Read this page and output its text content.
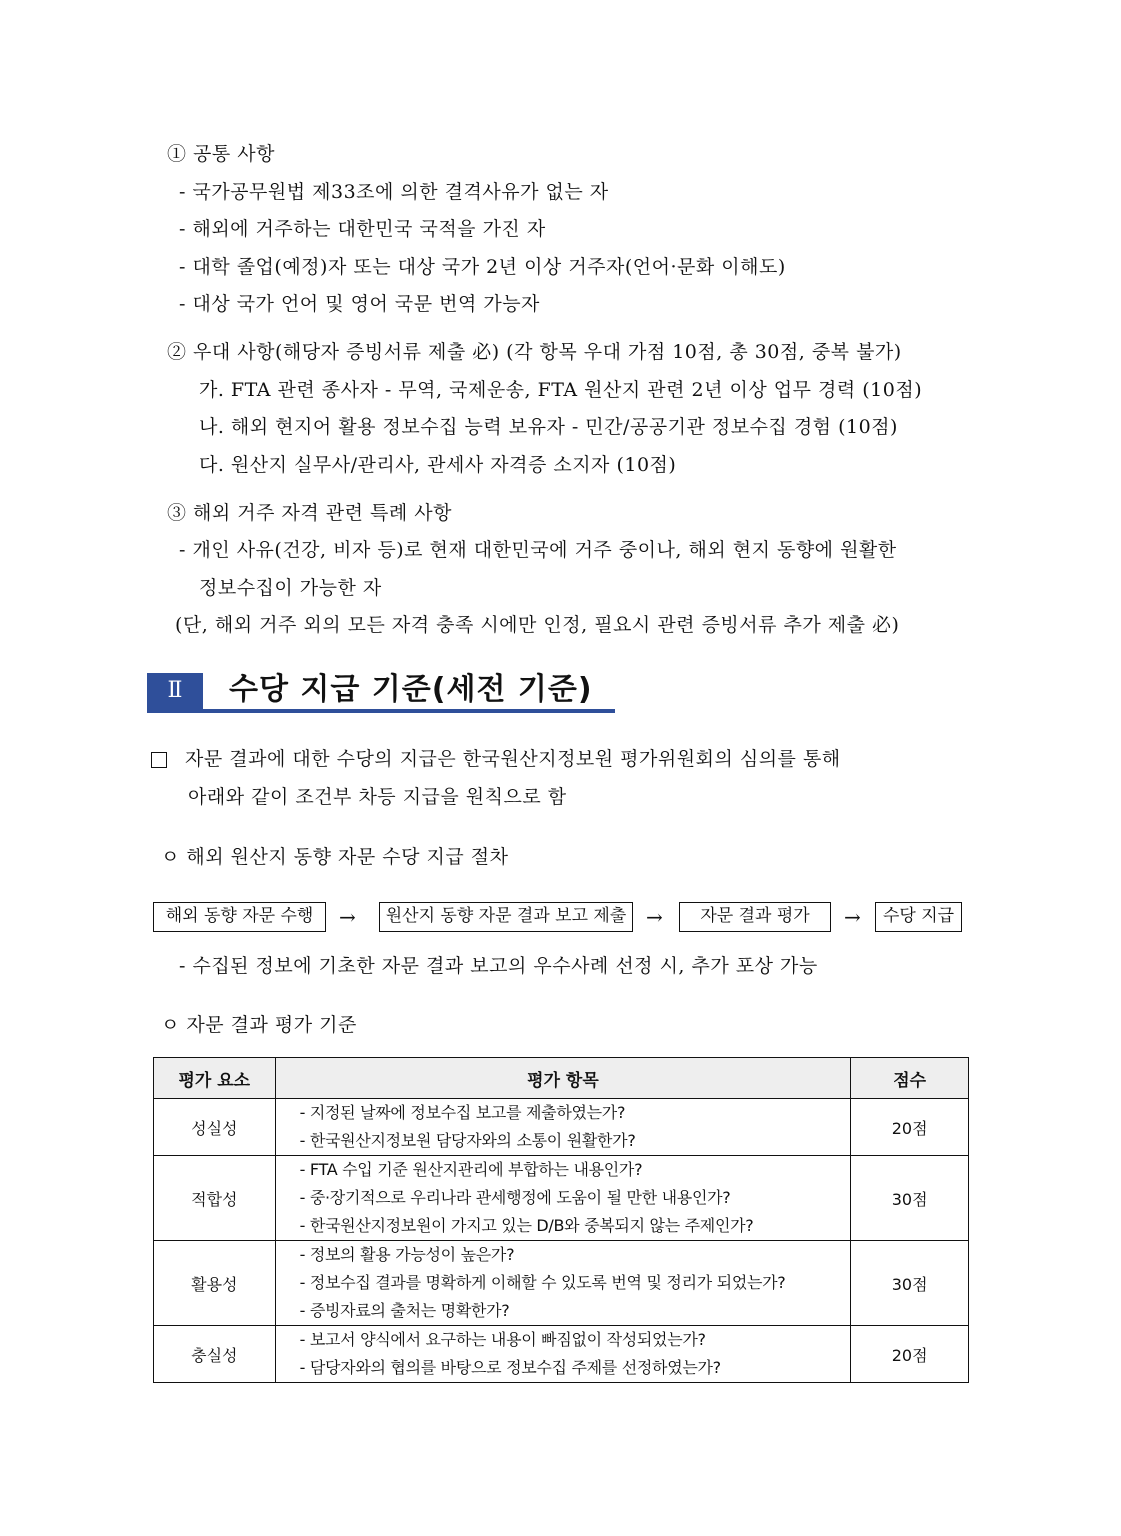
① 공통 사항
- 국가공무원법 제33조에 의한 결격사유가 없는 자
- 해외에 거주하는 대한민국 국적을 가진 자
- 대학 졸업(예정)자 또는 대상 국가 2년 이상 거주자(언어·문화 이해도)
- 대상 국가 언어 및 영어 국문 번역 가능자
② 우대 사항(해당자 증빙서류 제출 必) (각 항목 우대 가점 10점, 총 30점, 중복 불가)
가. FTA 관련 종사자 - 무역, 국제운송, FTA 원산지 관련 2년 이상 업무 경력 (10점)
나. 해외 현지어 활용 정보수집 능력 보유자 - 민간/공공기관 정보수집 경험 (10점)
다. 원산지 실무사/관리사, 관세사 자격증 소지자 (10점)
③ 해외 거주 자격 관련 특례 사항
- 개인 사유(건강, 비자 등)로 현재 대한민국에 거주 중이나, 해외 현지 동향에 원활한
정보수집이 가능한 자
(단, 해외 거주 외의 모든 자격 충족 시에만 인정, 필요시 관련 증빙서류 추가 제출 必)
Ⅱ	수당 지급 기준(세전 기준)
자문 결과에 대한 수당의 지급은 한국원산지정보원 평가위원회의 심의를 통해
아래와 같이 조건부 차등 지급을 원칙으로 함
ㅇ 해외 원산지 동향 자문 수당 지급 절차
해외 동향 자문 수행	→	원산지 동향 자문 결과 보고 제출 →	자문 결과 평가	→	수당 지급
- 수집된 정보에 기초한 자문 결과 보고의 우수사례 선정 시, 추가 포상 가능
ㅇ 자문 결과 평가 기준
평가 요소	평가 항목	점수
성실성	- 지정된 날짜에 정보수집 보고를 제출하였는가?
- 한국원산지정보원 담당자와의 소통이 원활한가?	20점
적합성	- FTA 수입 기준 원산지관리에 부합하는 내용인가?
- 중·장기적으로 우리나라 관세행정에 도움이 될 만한 내용인가?
- 한국원산지정보원이 가지고 있는 D/B와 중복되지 않는 주제인가?	30점
활용성	- 정보의 활용 가능성이 높은가?
- 정보수집 결과를 명확하게 이해할 수 있도록 번역 및 정리가 되었는가?
- 증빙자료의 출처는 명확한가?	30점
충실성	- 보고서 양식에서 요구하는 내용이 빠짐없이 작성되었는가?
- 담당자와의 협의를 바탕으로 정보수집 주제를 선정하였는가?	20점
